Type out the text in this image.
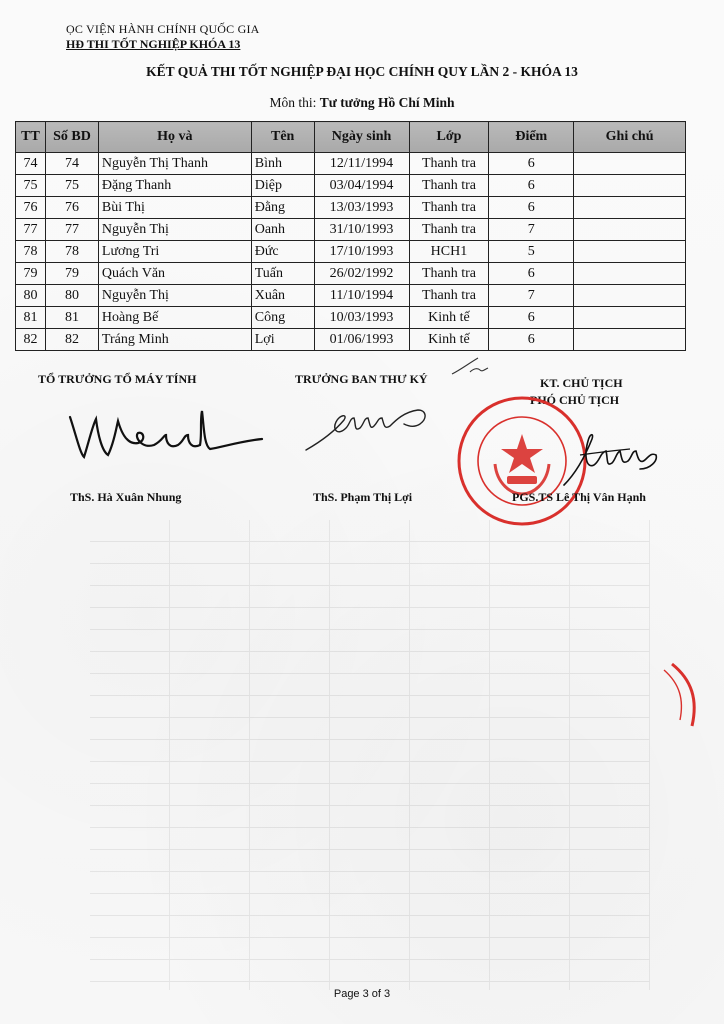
ỌC VIỆN HÀNH CHÍNH QUỐC GIA
HĐ THI TỐT NGHIỆP KHÓA 13
KẾT QUẢ THI TỐT NGHIỆP ĐẠI HỌC CHÍNH QUY LẦN 2 - KHÓA 13
Môn thi: Tư tưởng Hồ Chí Minh
TT	Số BD	Họ và	Tên	Ngày sinh	Lớp	Điểm	Ghi chú
74	74	Nguyễn Thị Thanh	Bình	12/11/1994	Thanh tra	6	
75	75	Đặng Thanh	Diệp	03/04/1994	Thanh tra	6	
76	76	Bùi Thị	Đằng	13/03/1993	Thanh tra	6	
77	77	Nguyễn Thị	Oanh	31/10/1993	Thanh tra	7	
78	78	Lương Tri	Đức	17/10/1993	HCH1	5	
79	79	Quách Văn	Tuấn	26/02/1992	Thanh tra	6	
80	80	Nguyễn Thị	Xuân	11/10/1994	Thanh tra	7	
81	81	Hoàng Bế	Công	10/03/1993	Kinh tế	6	
82	82	Tráng Minh	Lợi	01/06/1993	Kinh tế	6	
TỔ TRƯỞNG TỔ MÁY TÍNH
ThS. Hà Xuân Nhung
TRƯỞNG BAN THƯ KÝ
ThS. Phạm Thị Lợi
KT. CHỦ TỊCH
PHÓ CHỦ TỊCH
PGS.TS Lê Thị Vân Hạnh
Page 3 of 3
